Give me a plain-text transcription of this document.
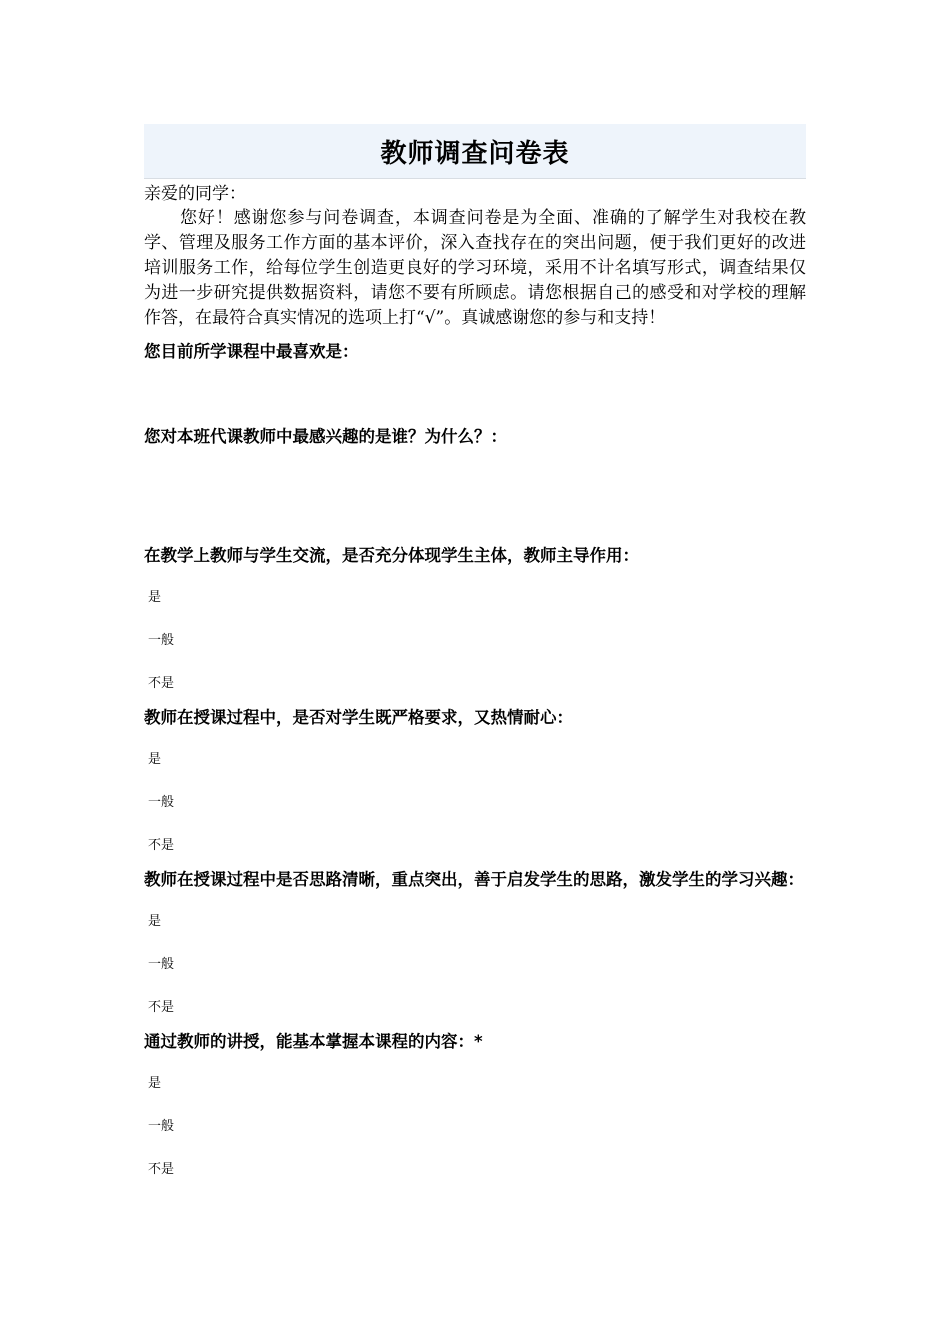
教师调查问卷表
亲爱的同学：

您好！感谢您参与问卷调查，本调查问卷是为全面、准确的了解学生对我校在教学、管理及服务工作方面的基本评价，深入查找存在的突出问题，便于我们更好的改进培训服务工作，给每位学生创造更良好的学习环境，采用不计名填写形式，调查结果仅为进一步研究提供数据资料，请您不要有所顾虑。请您根据自己的感受和对学校的理解作答，在最符合真实情况的选项上打“√”。真诚感谢您的参与和支持！

您目前所学课程中最喜欢是：
您对本班代课教师中最感兴趣的是谁？为什么？：
在教学上教师与学生交流，是否充分体现学生主体，教师主导作用：
是
一般
不是
教师在授课过程中，是否对学生既严格要求，又热情耐心：
是
一般
不是
教师在授课过程中是否思路清晰，重点突出，善于启发学生的思路，激发学生的学习兴趣：
是
一般
不是
通过教师的讲授，能基本掌握本课程的内容：*
是
一般
不是
